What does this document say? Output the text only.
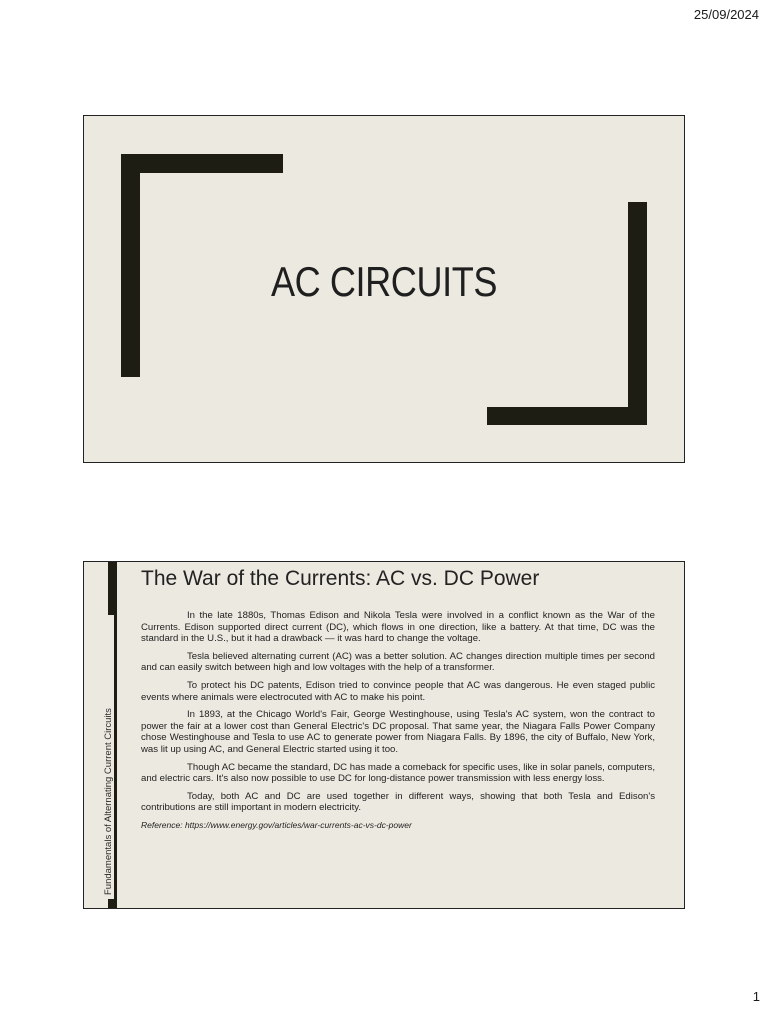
25/09/2024
AC CIRCUITS
Fundamentals of Alternating Current Circuits
The War of the Currents: AC vs. DC Power

In the late 1880s, Thomas Edison and Nikola Tesla were involved in a conflict known as the War of the Currents. Edison supported direct current (DC), which flows in one direction, like a battery. At that time, DC was the standard in the U.S., but it had a drawback — it was hard to change the voltage.

Tesla believed alternating current (AC) was a better solution. AC changes direction multiple times per second and can easily switch between high and low voltages with the help of a transformer.

To protect his DC patents, Edison tried to convince people that AC was dangerous. He even staged public events where animals were electrocuted with AC to make his point.

In 1893, at the Chicago World's Fair, George Westinghouse, using Tesla's AC system, won the contract to power the fair at a lower cost than General Electric's DC proposal. That same year, the Niagara Falls Power Company chose Westinghouse and Tesla to use AC to generate power from Niagara Falls. By 1896, the city of Buffalo, New York, was lit up using AC, and General Electric started using it too.

Though AC became the standard, DC has made a comeback for specific uses, like in solar panels, computers, and electric cars. It's also now possible to use DC for long-distance power transmission with less energy loss.

Today, both AC and DC are used together in different ways, showing that both Tesla and Edison's contributions are still important in modern electricity.

Reference: https://www.energy.gov/articles/war-currents-ac-vs-dc-power
1
